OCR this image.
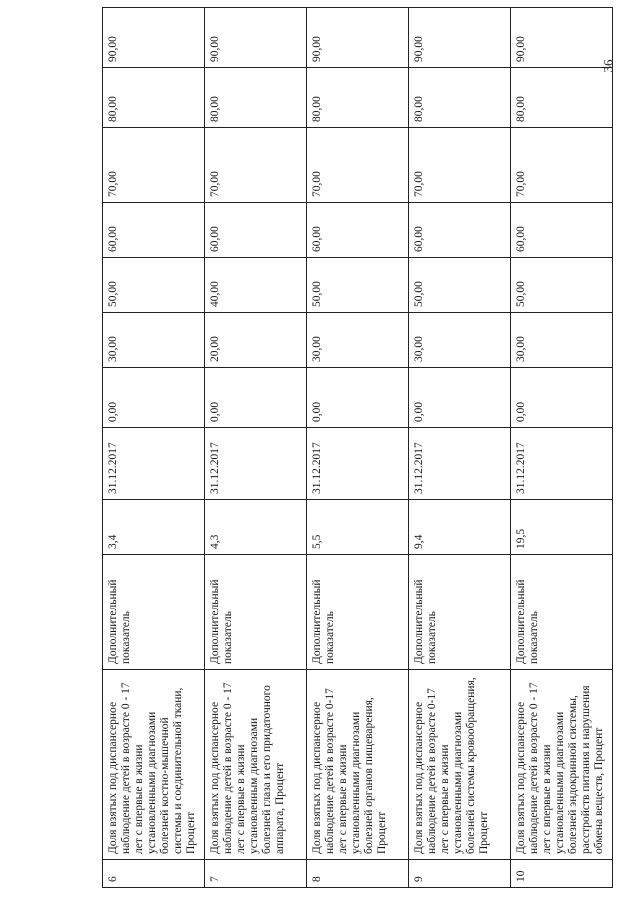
36
6	Доля взятых под диспансерное наблюдение детей в возрасте 0 - 17 лет с впервые в жизни установленными диагнозами болезней костно-мышечной системы и соединительной ткани, Процент	Дополнительный показатель	3,4	31.12.2017	0,00	30,00	50,00	60,00	70,00	80,00	90,00
7	Доля взятых под диспансерное наблюдение детей в возрасте 0 - 17 лет с впервые в жизни установленным диагнозами болезней глаза и его придаточного аппарата, Процент	Дополнительный показатель	4,3	31.12.2017	0,00	20,00	40,00	60,00	70,00	80,00	90,00
8	Доля взятых под диспансерное наблюдение детей в возрасте 0-17 лет с впервые в жизни установленными диагнозами болезней органов пищеварения, Процент	Дополнительный показатель	5,5	31.12.2017	0,00	30,00	50,00	60,00	70,00	80,00	90,00
9	Доля взятых под диспансерное наблюдение детей в возрасте 0-17 лет с впервые в жизни установленными диагнозами болезней системы кровообращения, Процент	Дополнительный показатель	9,4	31.12.2017	0,00	30,00	50,00	60,00	70,00	80,00	90,00
10	Доля взятых под диспансерное наблюдение детей в возрасте 0 - 17 лет с впервые в жизни установленными диагнозами болезней эндокринной системы, расстройств питания и нарушения обмена веществ, Процент	Дополнительный показатель	19,5	31.12.2017	0,00	30,00	50,00	60,00	70,00	80,00	90,00
